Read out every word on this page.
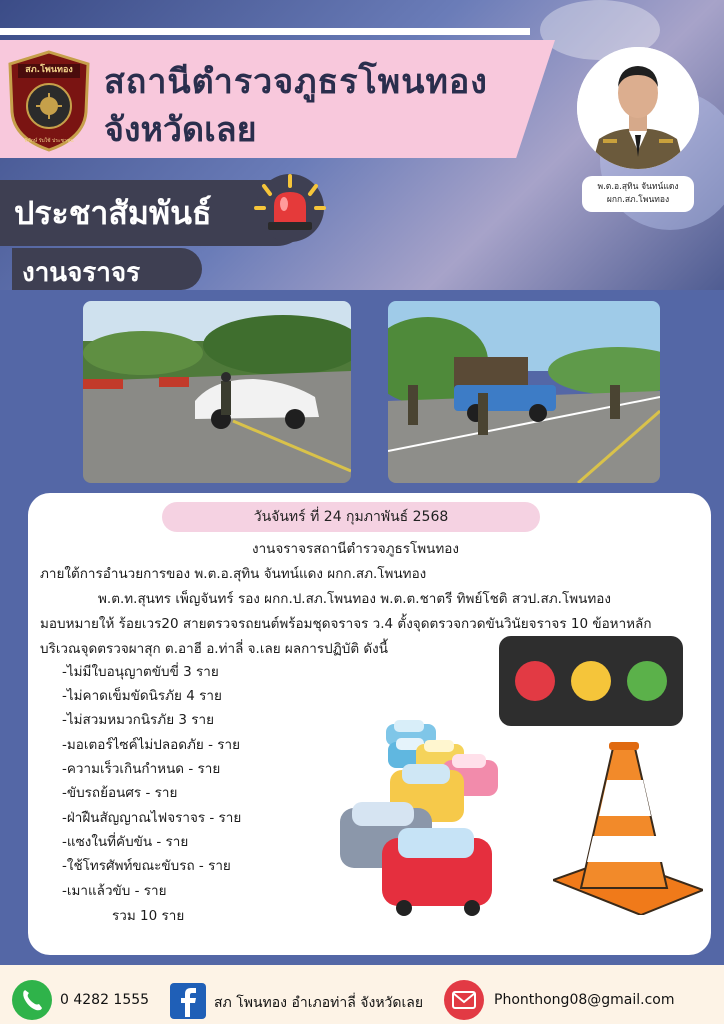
สภ.โพนทอง
พิทักษ์ รับใช้ ประชาชน
สถานีตำรวจภูธรโพนทอง
จังหวัดเลย
พ.ต.อ.สุทิน จันทน์แดง
ผกก.สภ.โพนทอง
ประชาสัมพันธ์
งานจราจร
วันจันทร์ ที่ 24 กุมภาพันธ์ 2568
งานจราจรสถานีตำรวจภูธรโพนทอง
ภายใต้การอำนวยการของ พ.ต.อ.สุทิน จันทน์แดง ผกก.สภ.โพนทอง
พ.ต.ท.สุนทร เพ็ญจันทร์ รอง ผกก.ป.สภ.โพนทอง พ.ต.ต.ชาตรี ทิพย์โชติ สวป.สภ.โพนทอง
มอบหมายให้ ร้อยเวร20 สายตรวจรถยนต์พร้อมชุดจราจร ว.4 ตั้งจุดตรวจกวดขันวินัยจราจร 10 ข้อหาหลัก
บริเวณจุดตรวจผาสุก ต.อาฮี อ.ท่าลี่ จ.เลย ผลการปฏิบัติ ดังนี้
-ไม่มีใบอนุญาตขับขี่ 3 ราย
-ไม่คาดเข็มขัดนิรภัย 4 ราย
-ไม่สวมหมวกนิรภัย 3 ราย
-มอเตอร์ไซค์ไม่ปลอดภัย - ราย
-ความเร็วเกินกำหนด - ราย
-ขับรถย้อนศร - ราย
-ฝ่าฝืนสัญญาณไฟจราจร - ราย
-แซงในที่คับขัน - ราย
-ใช้โทรศัพท์ขณะขับรถ - ราย
-เมาแล้วขับ - ราย
รวม 10 ราย
0 4282 1555	สภ โพนทอง อำเภอท่าลี่ จังหวัดเลย	Phonthong08@gmail.com
